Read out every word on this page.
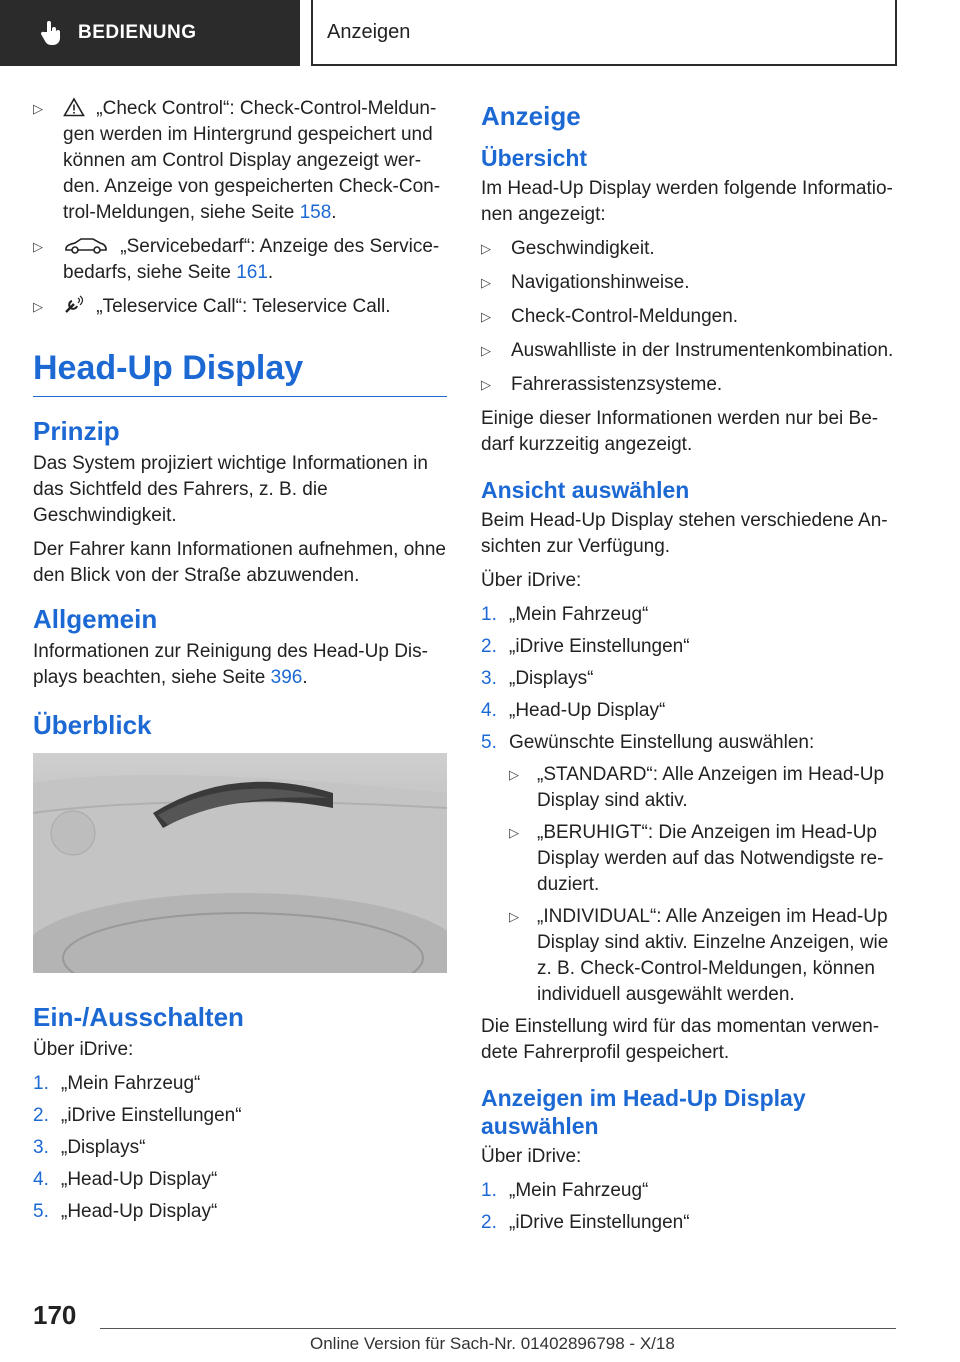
BEDIENUNG	Anzeigen
▷	„Check Control“: Check-Control-Meldungen werden im Hintergrund gespeichert und können am Control Display angezeigt werden. Anzeige von gespeicherten Check-Control-Meldungen, siehe Seite 158.
▷	„Servicebedarf“: Anzeige des Servicebedarfs, siehe Seite 161.
▷	„Teleservice Call“: Teleservice Call.
Head-Up Display
Prinzip

Das System projiziert wichtige Informationen in das Sichtfeld des Fahrers, z. B. die Geschwindigkeit.

Der Fahrer kann Informationen aufnehmen, ohne den Blick von der Straße abzuwenden.

Allgemein

Informationen zur Reinigung des Head-Up Displays beachten, siehe Seite 396.

Überblick
Ein-/Ausschalten

Über iDrive:

1. „Mein Fahrzeug“
2. „iDrive Einstellungen“
3. „Displays“
4. „Head-Up Display“
5. „Head-Up Display“
Anzeige
Übersicht

Im Head-Up Display werden folgende Informationen angezeigt:

▷ Geschwindigkeit.
▷ Navigationshinweise.
▷ Check-Control-Meldungen.
▷ Auswahlliste in der Instrumentenkombination.
▷ Fahrerassistenzsysteme.

Einige dieser Informationen werden nur bei Bedarf kurzzeitig angezeigt.

Ansicht auswählen

Beim Head-Up Display stehen verschiedene Ansichten zur Verfügung.

Über iDrive:

1. „Mein Fahrzeug“
2. „iDrive Einstellungen“
3. „Displays“
4. „Head-Up Display“
5. Gewünschte Einstellung auswählen:
▷ „STANDARD“: Alle Anzeigen im Head-Up Display sind aktiv.
▷ „BERUHIGT“: Die Anzeigen im Head-Up Display werden auf das Notwendigste reduziert.
▷ „INDIVIDUAL“: Alle Anzeigen im Head-Up Display sind aktiv. Einzelne Anzeigen, wie z. B. Check-Control-Meldungen, können individuell ausgewählt werden.

Die Einstellung wird für das momentan verwendete Fahrerprofil gespeichert.

Anzeigen im Head-Up Display auswählen

Über iDrive:

1. „Mein Fahrzeug“
2. „iDrive Einstellungen“
170
Online Version für Sach-Nr. 01402896798 - X/18
